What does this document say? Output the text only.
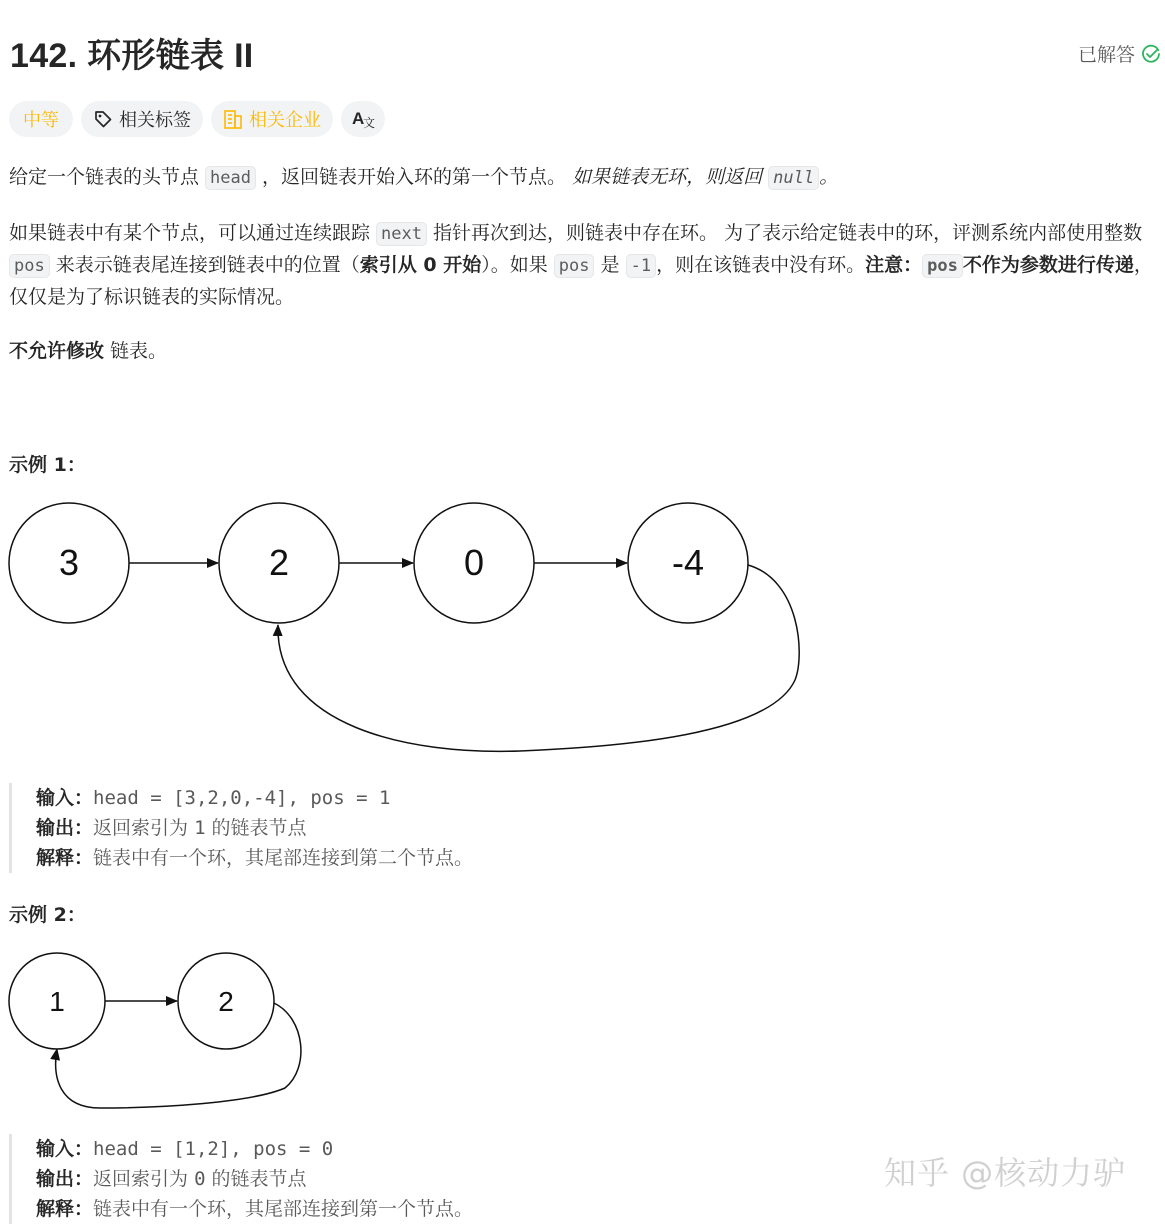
142. 环形链表 II	已解答
中等	相关标签	相关企业 A
文

给定一个链表的头节点 head ，返回链表开始入环的第一个节点。 如果链表无环，则返回 null 。

如果链表中有某个节点，可以通过连续跟踪 next 指针再次到达，则链表中存在环。 为了表示给定链表中的环，评测系统内部使用整数 pos 来表示链表尾连接到链表中的位置（索引从 0 开始）。如果 pos 是 -1 ，则在该链表中没有环。注意： pos 不作为参数进行传递，仅仅是为了标识链表的实际情况。

不允许修改 链表。

示例 1：

3	2	0	-4
输入：head = [3,2,0,-4], pos = 1
输出：返回索引为 1 的链表节点
解释：链表中有一个环，其尾部连接到第二个节点。

示例 2：

1	2
输入：head = [1,2], pos = 0
输出：返回索引为 0 的链表节点
解释：链表中有一个环，其尾部连接到第一个节点。
知乎 @核动力驴
